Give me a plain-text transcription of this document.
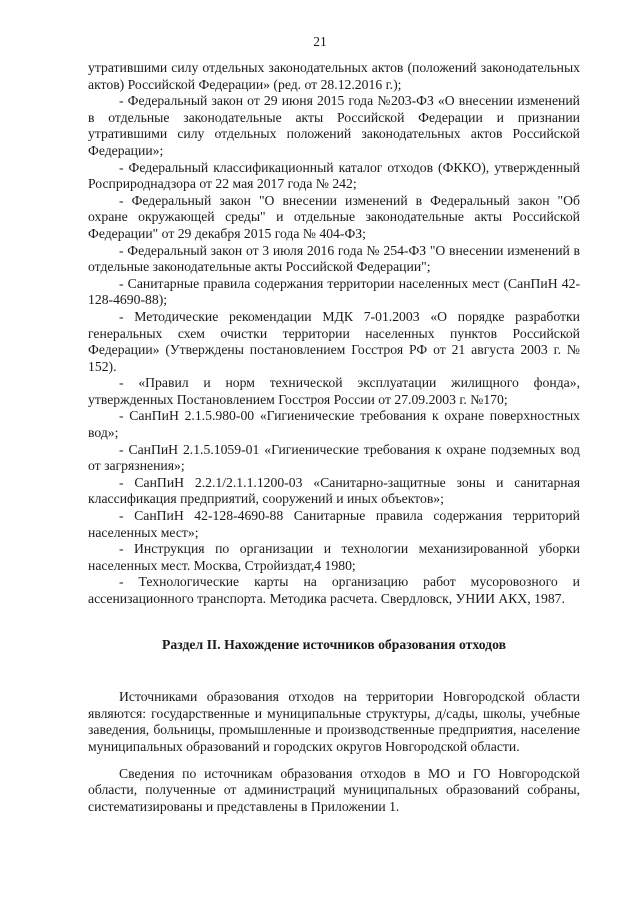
21

утратившими силу отдельных законодательных актов (положений законодательных актов) Российской Федерации» (ред. от 28.12.2016 г.);

- Федеральный закон от 29 июня 2015 года №203-ФЗ «О внесении изменений в отдельные законодательные акты Российской Федерации и признании утратившими силу отдельных положений законодательных актов Российской Федерации»;

- Федеральный классификационный каталог отходов (ФККО), утвержденный Росприроднадзора от 22 мая 2017 года № 242;

- Федеральный закон "О внесении изменений в Федеральный закон "Об охране окружающей среды" и отдельные законодательные акты Российской Федерации" от 29 декабря 2015 года № 404-ФЗ;

- Федеральный закон от 3 июля 2016 года № 254-ФЗ "О внесении изменений в отдельные законодательные акты Российской Федерации";

- Санитарные правила содержания территории населенных мест (СанПиН 42-128-4690-88);

- Методические рекомендации МДК 7-01.2003 «О порядке разработки генеральных схем очистки территории населенных пунктов Российской Федерации» (Утверждены постановлением Госстроя РФ от 21 августа 2003 г. № 152).

- «Правил и норм технической эксплуатации жилищного фонда», утвержденных Постановлением Госстроя России от 27.09.2003 г. №170;

- СанПиН 2.1.5.980-00 «Гигиенические требования к охране поверхностных вод»;

- СанПиН 2.1.5.1059-01 «Гигиенические требования к охране подземных вод от загрязнения»;

- СанПиН 2.2.1/2.1.1.1200-03 «Санитарно-защитные зоны и санитарная классификация предприятий, сооружений и иных объектов»;

- СанПиН 42-128-4690-88 Санитарные правила содержания территорий населенных мест»;

- Инструкция по организации и технологии механизированной уборки населенных мест. Москва, Стройиздат,4 1980;

- Технологические карты на организацию работ мусоровозного и ассенизационного транспорта. Методика расчета. Свердловск, УНИИ АКХ, 1987.

Раздел II. Нахождение источников образования отходов

Источниками образования отходов на территории Новгородской области являются: государственные и муниципальные структуры, д/сады, школы, учебные заведения, больницы, промышленные и производственные предприятия, население муниципальных образований и городских округов Новгородской области.

Сведения по источникам образования отходов в МО и ГО Новгородской области, полученные от администраций муниципальных образований собраны, систематизированы и представлены в Приложении 1.
